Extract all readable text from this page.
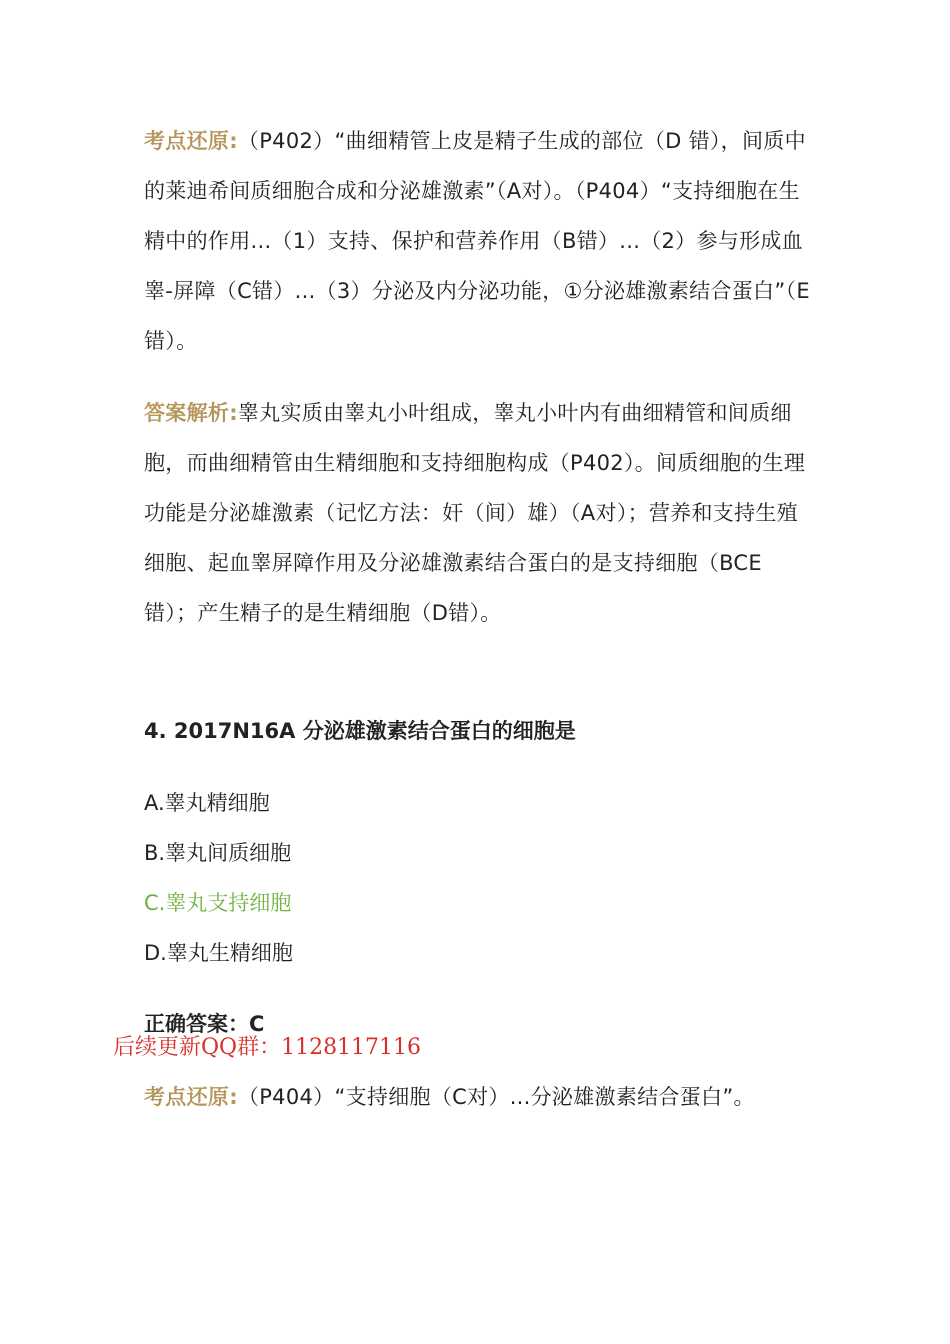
考点还原:（P402）“曲细精管上皮是精子生成的部位（D 错），间质中的莱迪希间质细胞合成和分泌雄激素”（A对）。（P404）“支持细胞在生精中的作用...（1）支持、保护和营养作用（B错）...（2）参与形成血睾-屏障（C错）...（3）分泌及内分泌功能，①分泌雄激素结合蛋白”（E错）。

答案解析:睾丸实质由睾丸小叶组成，睾丸小叶内有曲细精管和间质细胞，而曲细精管由生精细胞和支持细胞构成（P402）。间质细胞的生理功能是分泌雄激素（记忆方法：奸（间）雄）（A对）；营养和支持生殖细胞、起血睾屏障作用及分泌雄激素结合蛋白的是支持细胞（BCE错）；产生精子的是生精细胞（D错）。

4. 2017N16A 分泌雄激素结合蛋白的细胞是

A.睾丸精细胞

B.睾丸间质细胞

C.睾丸支持细胞

D.睾丸生精细胞

正确答案：C

后续更新QQ群：1128117116

考点还原:（P404）“支持细胞（C对）...分泌雄激素结合蛋白”。
